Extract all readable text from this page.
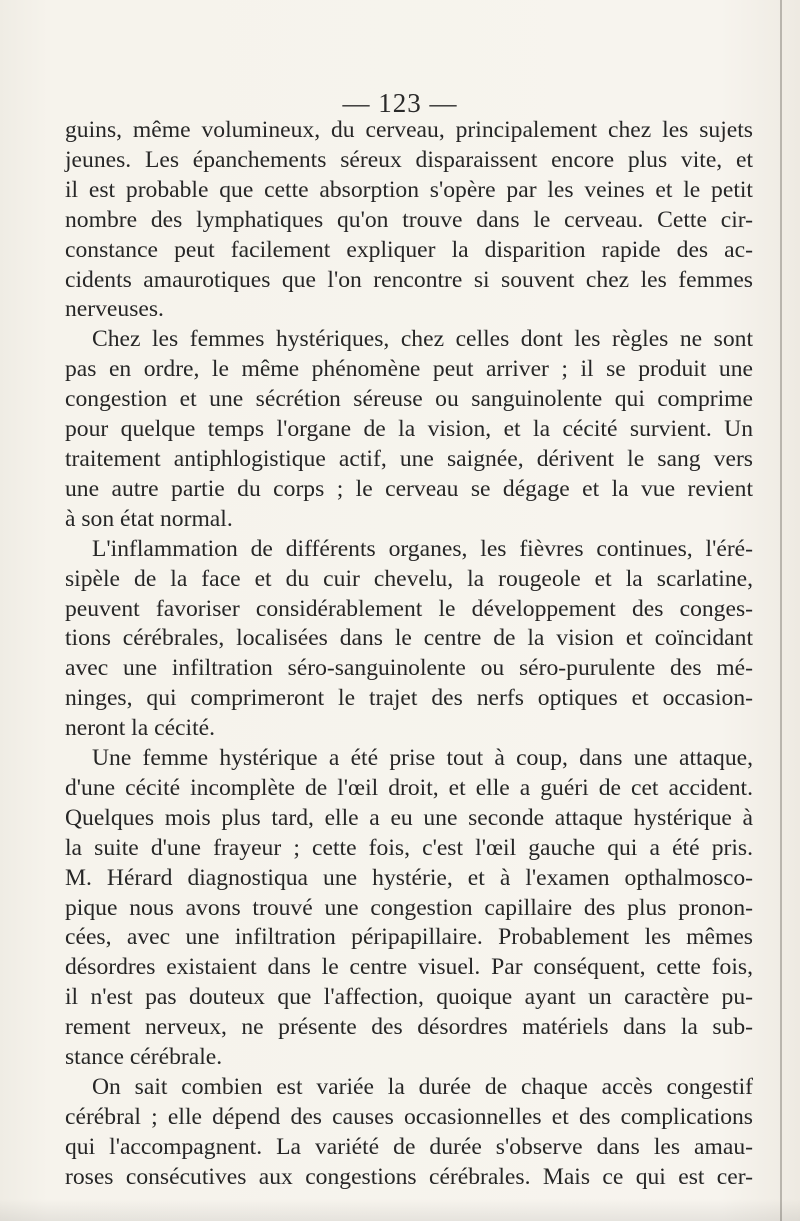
— 123 —
guins, même volumineux, du cerveau, principalement chez les sujets
jeunes. Les épanchements séreux disparaissent encore plus vite, et
il est probable que cette absorption s'opère par les veines et le petit
nombre des lymphatiques qu'on trouve dans le cerveau. Cette cir-
constance peut facilement expliquer la disparition rapide des ac-
cidents amaurotiques que l'on rencontre si souvent chez les femmes
nerveuses.
Chez les femmes hystériques, chez celles dont les règles ne sont
pas en ordre, le même phénomène peut arriver ; il se produit une
congestion et une sécrétion séreuse ou sanguinolente qui comprime
pour quelque temps l'organe de la vision, et la cécité survient. Un
traitement antiphlogistique actif, une saignée, dérivent le sang vers
une autre partie du corps ; le cerveau se dégage et la vue revient
à son état normal.
L'inflammation de différents organes, les fièvres continues, l'éré-
sipèle de la face et du cuir chevelu, la rougeole et la scarlatine,
peuvent favoriser considérablement le développement des conges-
tions cérébrales, localisées dans le centre de la vision et coïncidant
avec une infiltration séro-sanguinolente ou séro-purulente des mé-
ninges, qui comprimeront le trajet des nerfs optiques et occasion-
neront la cécité.
Une femme hystérique a été prise tout à coup, dans une attaque,
d'une cécité incomplète de l'œil droit, et elle a guéri de cet accident.
Quelques mois plus tard, elle a eu une seconde attaque hystérique à
la suite d'une frayeur ; cette fois, c'est l'œil gauche qui a été pris.
M. Hérard diagnostiqua une hystérie, et à l'examen opthalmosco-
pique nous avons trouvé une congestion capillaire des plus pronon-
cées, avec une infiltration péripapillaire. Probablement les mêmes
désordres existaient dans le centre visuel. Par conséquent, cette fois,
il n'est pas douteux que l'affection, quoique ayant un caractère pu-
rement nerveux, ne présente des désordres matériels dans la sub-
stance cérébrale.
On sait combien est variée la durée de chaque accès congestif
cérébral ; elle dépend des causes occasionnelles et des complications
qui l'accompagnent. La variété de durée s'observe dans les amau-
roses consécutives aux congestions cérébrales. Mais ce qui est cer-
